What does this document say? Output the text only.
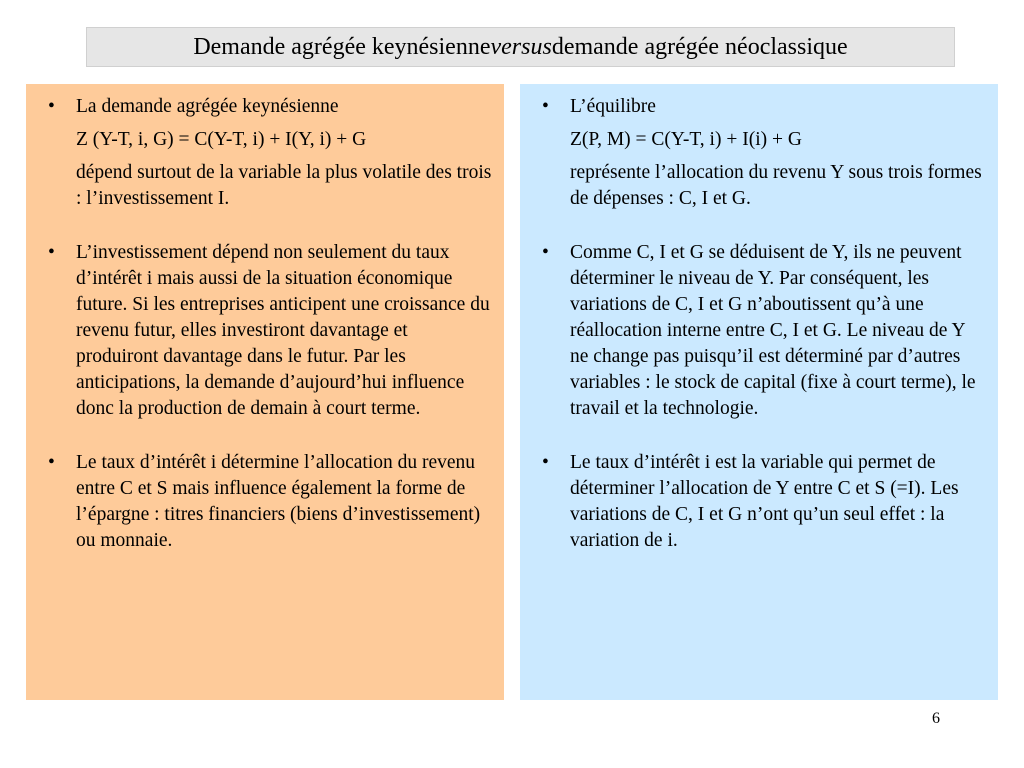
Demande agrégée keynésienne versus demande agrégée néoclassique
• La demande agrégée keynésienne
Z (Y-T, i, G) = C(Y-T, i) + I(Y, i) + G
dépend surtout de la variable la plus volatile des trois : l’investissement I.
• L’investissement dépend non seulement du taux d’intérêt i mais aussi de la situation économique future. Si les entreprises anticipent une croissance du revenu futur, elles investiront davantage et produiront davantage dans le futur. Par les anticipations, la demande d’aujourd’hui influence donc la production de demain à court terme.
• Le taux d’intérêt i détermine l’allocation du revenu entre C et S mais influence également la forme de l’épargne : titres financiers (biens d’investissement) ou monnaie.
• L’équilibre
Z(P, M) = C(Y-T, i) + I(i) + G
représente l’allocation du revenu Y sous trois formes de dépenses : C, I et G.
• Comme C, I et G se déduisent de Y, ils ne peuvent déterminer le niveau de Y. Par conséquent, les variations de C, I et G n’aboutissent qu’à une réallocation interne entre C, I et G. Le niveau de Y ne change pas puisqu’il est déterminé par d’autres variables : le stock de capital (fixe à court terme), le travail et la technologie.
• Le taux d’intérêt i est la variable qui permet de déterminer l’allocation de Y entre C et S (=I). Les variations de C, I et G n’ont qu’un seul effet : la variation de i.
6
